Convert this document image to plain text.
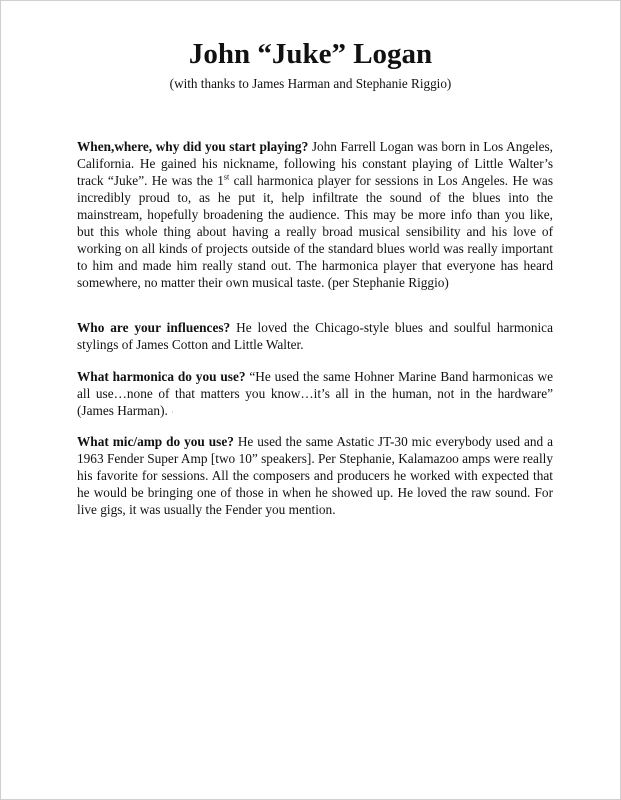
John “Juke” Logan

(with thanks to James Harman and Stephanie Riggio)

When,where, why did you start playing? John Farrell Logan was born in Los Angeles, California. He gained his nickname, following his constant playing of Little Walter’s track “Juke”. He was the 1st call harmonica player for sessions in Los Angeles. He was incredibly proud to, as he put it, help infiltrate the sound of the blues into the mainstream, hopefully broadening the audience. This may be more info than you like, but this whole thing about having a really broad musical sensibility and his love of working on all kinds of projects outside of the standard blues world was really important to him and made him really stand out. The harmonica player that everyone has heard somewhere, no matter their own musical taste. (per Stephanie Riggio)

Who are your influences? He loved the Chicago-style blues and soulful harmonica stylings of James Cotton and Little Walter.

What harmonica do you use? “He used the same Hohner Marine Band harmonicas we all use…none of that matters you know…it’s all in the human, not in the hardware” (James Harman). ·

What mic/amp do you use? He used the same Astatic JT-30 mic everybody used and a 1963 Fender Super Amp [two 10” speakers]. Per Stephanie, Kalamazoo amps were really his favorite for sessions. All the composers and producers he worked with expected that he would be bringing one of those in when he showed up. He loved the raw sound. For live gigs, it was usually the Fender you mention.
